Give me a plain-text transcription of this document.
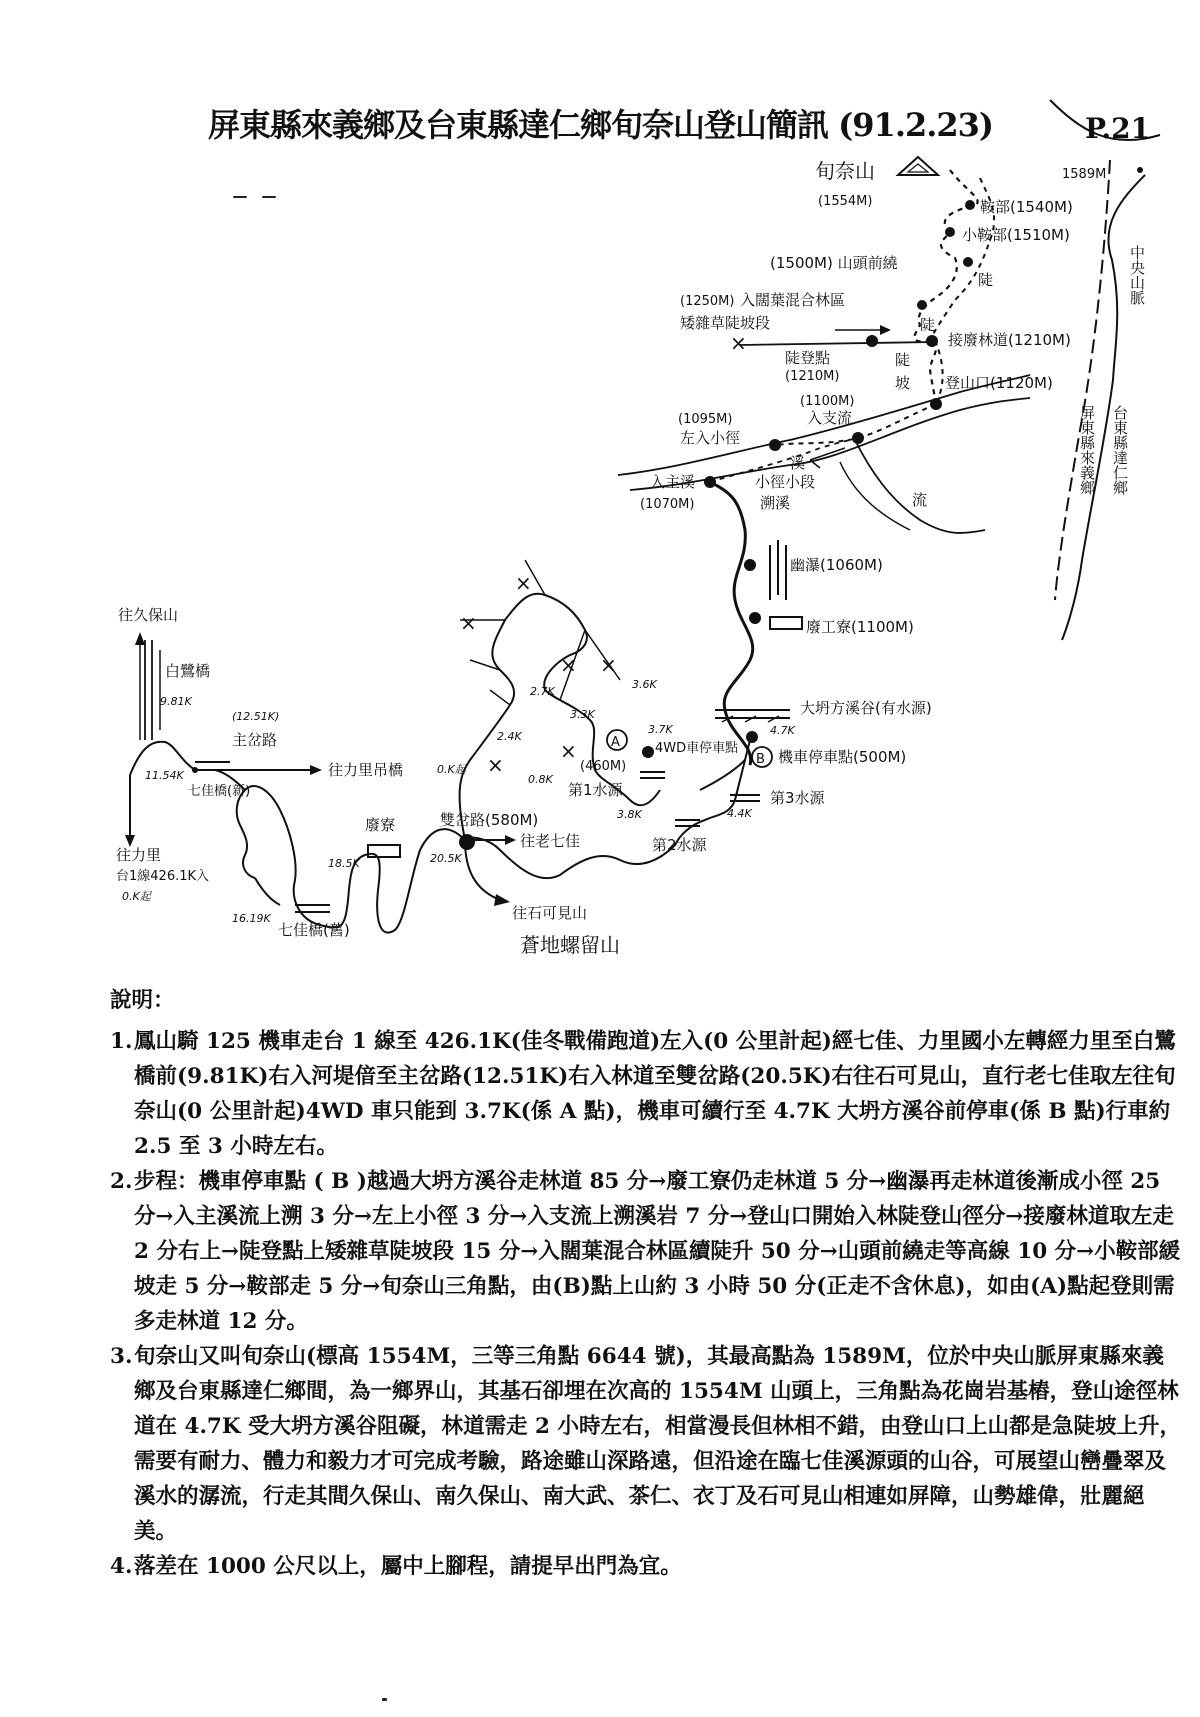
屏東縣來義鄉及台東縣達仁鄉旬奈山登山簡訊 (91.2.23)	P.21
×
× ×
×
×
×
×
旬奈山
(1554M)
1589M
鞍部(1540M)
小鞍部(1510M)
(1500M) 山頭前繞
陡
(1250M) 入闊葉混合林區
矮雜草陡坡段	陡
陡登點
(1210M)
接廢林道(1210M)
陡
坡 登山口(1120M)
(1100M)
入支流
(1095M)
左入小徑
溪
流
入主溪
(1070M)
小徑小段
溯溪
幽瀑(1060M)
廢工寮(1100M)
大坍方溪谷(有水源)
4.7K
B 機車停車點(500M)
A
3.7K
4WD車停車點
第1水源
(460M)
第2水源
第3水源
4.4K
3.8K
0.8K
2.7K
3.3K
3.6K
2.4K
0.K起
雙岔路(580M)
往老七佳
20.5K
往石可見山
蒼地螺留山
廢寮
18.5K
16.19K
七佳橋(舊)
七佳橋(新)
11.54K
(12.51K)
主岔路
往力里吊橋
往久保山
白鷺橋
9.81K
往力里
台1線426.1K入
0.K起
中央山脈
屏東縣來義鄉 台東縣達仁鄉
說明：
1.鳳山騎 125 機車走台 1 線至 426.1K(佳冬戰備跑道)左入(0 公里計起)經七佳、力里國小左轉經力里至白鷺橋前(9.81K)右入河堤偣至主岔路(12.51K)右入林道至雙岔路(20.5K)右往石可見山，直行老七佳取左往旬奈山(0 公里計起)4WD 車只能到 3.7K(係 A 點)，機車可續行至 4.7K 大坍方溪谷前停車(係 B 點)行車約 2.5 至 3 小時左右。
2.步程：機車停車點 ( B )越過大坍方溪谷走林道 85 分→廢工寮仍走林道 5 分→幽瀑再走林道後漸成小徑 25 分→入主溪流上溯 3 分→左上小徑 3 分→入支流上溯溪岩 7 分→登山口開始入林陡登山徑分→接廢林道取左走 2 分右上→陡登點上矮雜草陡坡段 15 分→入闊葉混合林區續陡升 50 分→山頭前繞走等高線 10 分→小鞍部緩坡走 5 分→鞍部走 5 分→旬奈山三角點，由(B)點上山約 3 小時 50 分(正走不含休息)，如由(A)點起登則需多走林道 12 分。
3.旬奈山又叫旬奈山(標高 1554M，三等三角點 6644 號)，其最高點為 1589M，位於中央山脈屏東縣來義鄉及台東縣達仁鄉間，為一鄉界山，其基石卻埋在次高的 1554M 山頭上，三角點為花崗岩基樁，登山途徑林道在 4.7K 受大坍方溪谷阻礙，林道需走 2 小時左右，相當漫長但林相不錯，由登山口上山都是急陡坡上升，需要有耐力、體力和毅力才可完成考驗，路途雖山深路遠，但沿途在臨七佳溪源頭的山谷，可展望山巒疊翠及溪水的潺流，行走其間久保山、南久保山、南大武、茶仁、衣丁及石可見山相連如屏障，山勢雄偉，壯麗絕美。
4.落差在 1000 公尺以上，屬中上腳程，請提早出門為宜。
